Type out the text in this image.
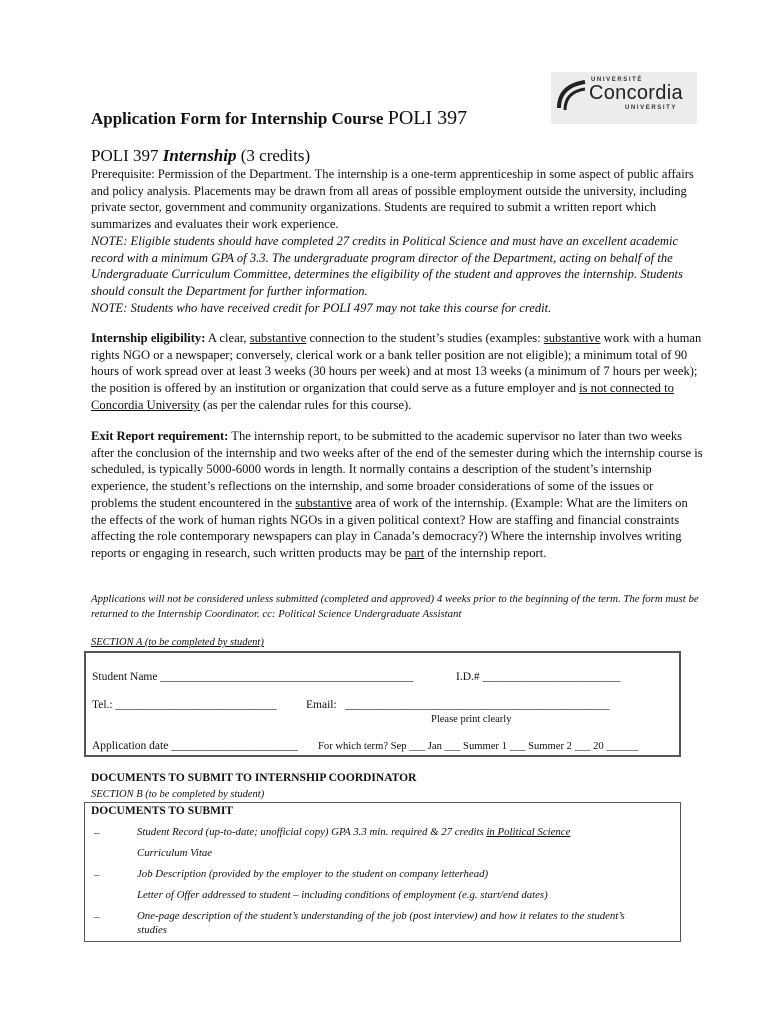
UNIVERSITÉ
Concordia
UNIVERSITY
Application Form for Internship Course POLI 397
POLI 397 Internship (3 credits)

Prerequisite: Permission of the Department. The internship is a one-term apprenticeship in some aspect of public affairs and policy analysis. Placements may be drawn from all areas of possible employment outside the university, including private sector, government and community organizations. Students are required to submit a written report which summarizes and evaluates their work experience.

NOTE: Eligible students should have completed 27 credits in Political Science and must have an excellent academic record with a minimum GPA of 3.3. The undergraduate program director of the Department, acting on behalf of the Undergraduate Curriculum Committee, determines the eligibility of the student and approves the internship. Students should consult the Department for further information.

NOTE: Students who have received credit for POLI 497 may not take this course for credit.

Internship eligibility: A clear, substantive connection to the student’s studies (examples: substantive work with a human rights NGO or a newspaper; conversely, clerical work or a bank teller position are not eligible); a minimum total of 90 hours of work spread over at least 3 weeks (30 hours per week) and at most 13 weeks (a minimum of 7 hours per week); the position is offered by an institution or organization that could serve as a future employer and is not connected to Concordia University (as per the calendar rules for this course).

Exit Report requirement: The internship report, to be submitted to the academic supervisor no later than two weeks after the conclusion of the internship and two weeks after of the end of the semester during which the internship course is scheduled, is typically 5000-6000 words in length. It normally contains a description of the student’s internship experience, the student’s reflections on the internship, and some broader considerations of some of the issues or problems the student encountered in the substantive area of work of the internship. (Example: What are the limiters on the effects of the work of human rights NGOs in a given political context? How are staffing and financial constraints affecting the role contemporary newspapers can play in Canada’s democracy?) Where the internship involves writing reports or engaging in research, such written products may be part of the internship report.

Applications will not be considered unless submitted (completed and approved) 4 weeks prior to the beginning of the term. The form must be returned to the Internship Coordinator. cc: Political Science Undergraduate Assistant
SECTION A (to be completed by student)
Student Name ____________________________________________	I.D.# ________________________
Tel.: ____________________________	Email: ______________________________________________
Please print clearly
Application date ______________________ For which term? Sep ___ Jan ___ Summer 1 ___ Summer 2 ___ 20 ______
DOCUMENTS TO SUBMIT TO INTERNSHIP COORDINATOR
SECTION B (to be completed by student)
DOCUMENTS TO SUBMIT
_	Student Record (up-to-date; unofficial copy) GPA 3.3 min. required & 27 credits in Political Science
Curriculum Vitae
_	Job Description (provided by the employer to the student on company letterhead)
Letter of Offer addressed to student – including conditions of employment (e.g. start/end dates)
_	One-page description of the student’s understanding of the job (post interview) and how it relates to the student’s studies
